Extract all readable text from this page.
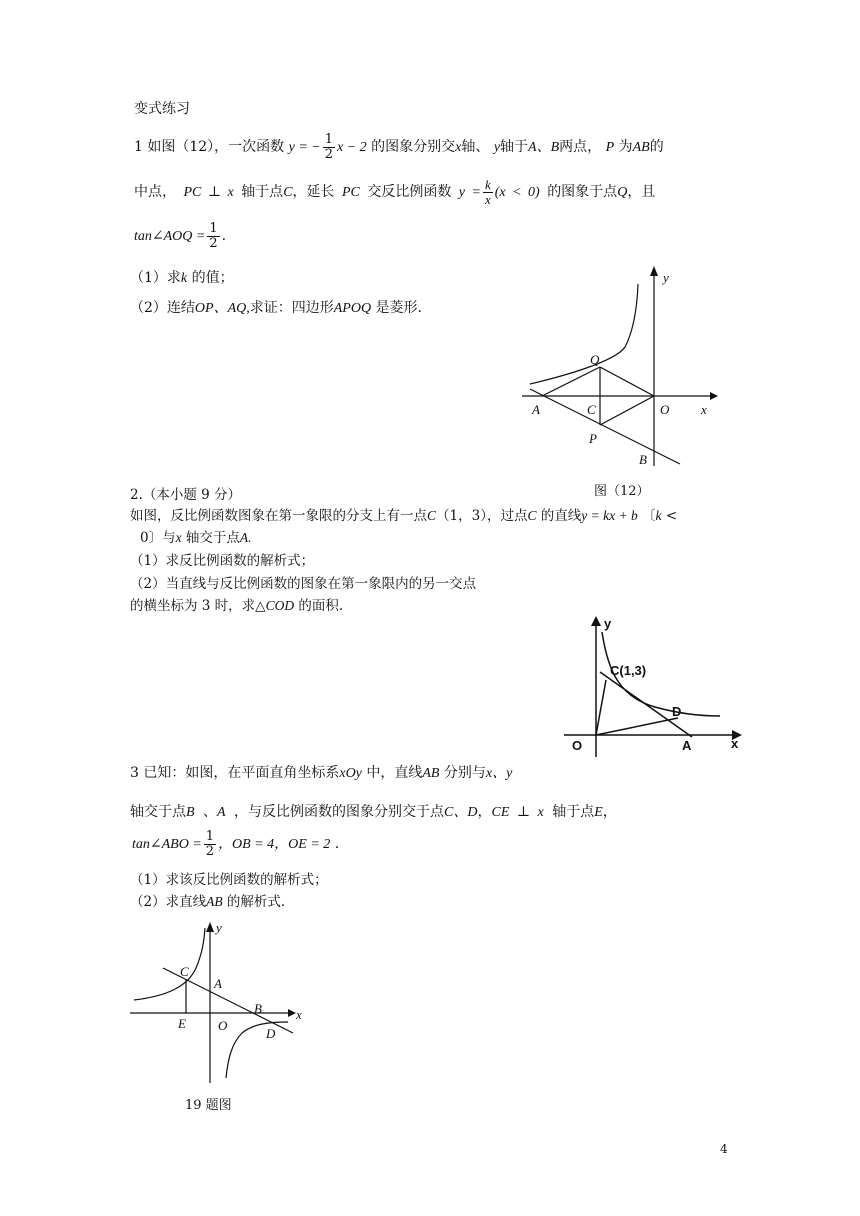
变式练习
1 如图（12），一次函数 y = − $\frac{1}{2}$ x − 2 的图象分别交x轴、 y轴于A、B两点， P 为AB的
中点， PC ⊥ x 轴于点C，延长 PC 交反比例函数 $y = \frac{k}{x} (x < 0)$ 的图象于点Q，且
tan∠AOQ = $\frac{1}{2}$ .
（1）求k 的值；
（2）连结OP、AQ,求证：四边形APOQ 是菱形.
y
Q
A	C	O x
P
B
图（12）
2.（本小题 9 分）
如图，反比例函数图象在第一象限的分支上有一点C（1，3），过点C 的直线y = kx + b 〔k <
0〕与x 轴交于点A.
（1）求反比例函数的解析式；
（2）当直线与反比例函数的图象在第一象限内的另一交点
的横坐标为 3 时，求△COD 的面积.
y
C(1,3)
D
O	A	x
3 已知：如图，在平面直角坐标系xOy 中，直线AB 分别与x、y
轴交于点B 、A ，与反比例函数的图象分别交于点C、D，CE ⊥ x 轴于点E，
tan∠ABO = $\frac{1}{2}$ ，OB = 4，OE = 2 .
（1）求该反比例函数的解析式；
（2）求直线AB 的解析式.
y
C
A
B	x
E O
D
19 题图
4
